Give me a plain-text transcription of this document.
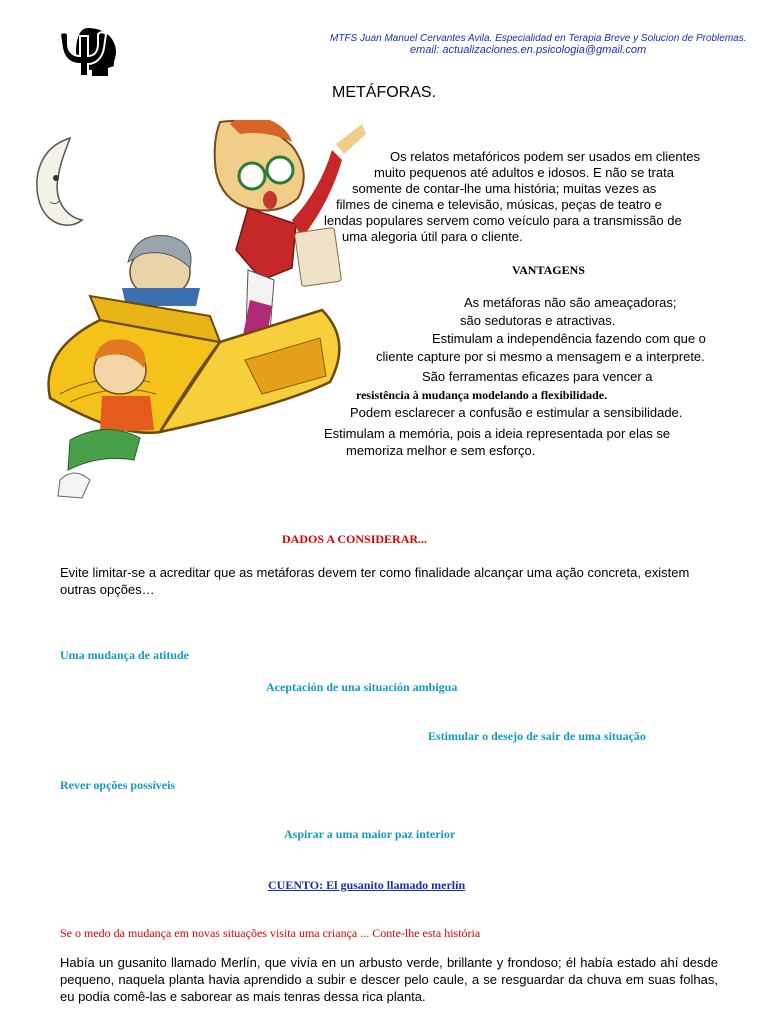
MTFS Juan Manuel Cervantes Avila. Especialidad en Terapia Breve y Solucion de Problemas.
email: actualizaciones.en.psicologia@gmail.com
METÁFORAS.
Os relatos metafóricos podem ser usados em clientes
muito pequenos até adultos e idosos. E não se trata
somente de contar-lhe uma história; muitas vezes as
filmes de cinema e televisão, músicas, peças de teatro e
lendas populares servem como veículo para a transmissão de
uma alegoria útil para o cliente.
VANTAGENS
As metáforas não são ameaçadoras;
são sedutoras e atractivas.
Estimulam a independência fazendo com que o
cliente capture por si mesmo a mensagem e a interprete.
São ferramentas eficazes para vencer a
resistência à mudança modelando a flexibilidade.
Podem esclarecer a confusão e estimular a sensibilidade.
Estimulam a memória, pois a ideia representada por elas se
memoriza melhor e sem esforço.
DADOS A CONSIDERAR...
Evite limitar-se a acreditar que as metáforas devem ter como finalidade alcançar uma ação concreta, existem outras opções…
Uma mudança de atitude
Aceptación de una situación ambigua
Estimular o desejo de sair de uma situação
Rever opções possíveis
Aspirar a uma maior paz interior
CUENTO: El gusanito llamado merlín
Se o medo da mudança em novas situações visita uma criança ... Conte-lhe esta história
Había un gusanito llamado Merlín, que vivía en un arbusto verde, brillante y frondoso; él había estado ahí desde pequeno, naquela planta havia aprendido a subir e descer pelo caule, a se resguardar da chuva em suas folhas, eu podia comê-las e saborear as mais tenras dessa rica planta.
